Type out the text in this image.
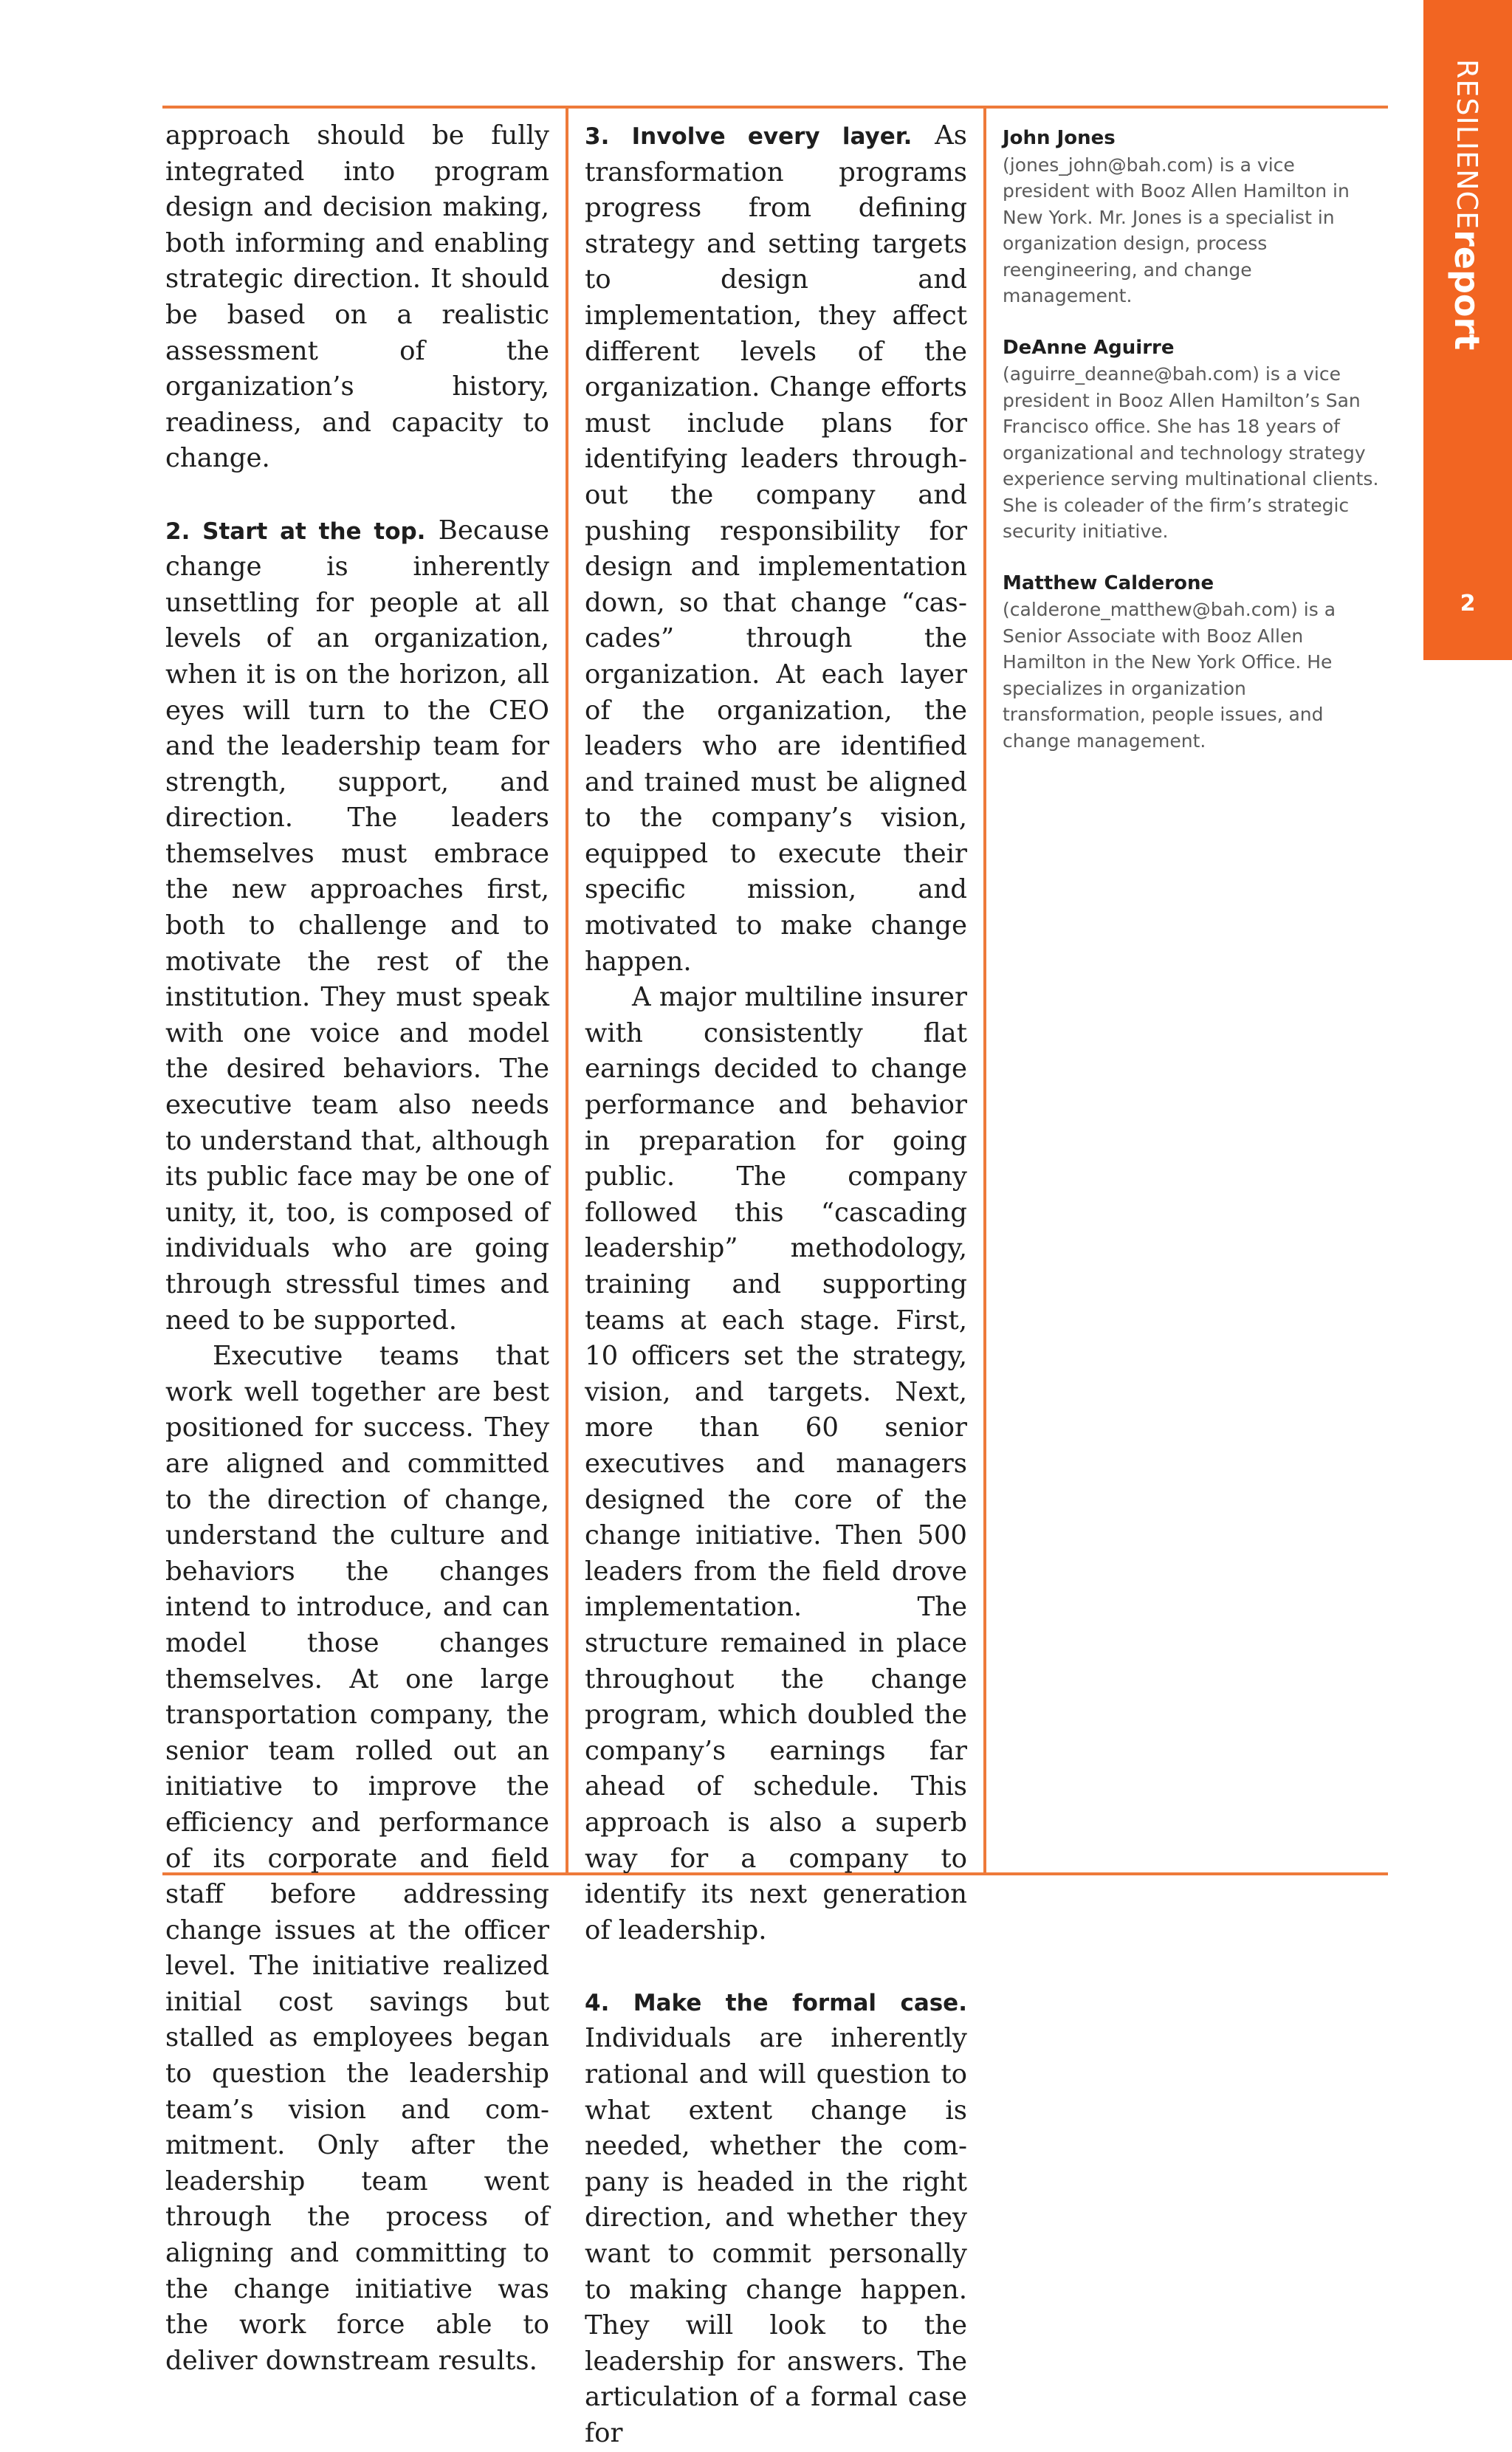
approach should be fully integrated into program design and decision making, both informing and enabling strategic direction. It should be based on a realistic assessment of the organization’s history, readiness, and capacity to change.

2. Start at the top. Because change is inherently unsettling for people at all levels of an organization, when it is on the horizon, all eyes will turn to the CEO and the leadership team for strength, support, and direction. The leaders themselves must embrace the new approaches first, both to challenge and to motivate the rest of the institution. They must speak with one voice and model the desired behaviors. The executive team also needs to understand that, although its public face may be one of unity, it, too, is composed of individuals who are going through stressful times and need to be supported.

Executive teams that work well together are best positioned for success. They are aligned and committed to the direction of change, understand the culture and behaviors the changes intend to introduce, and can model those changes themselves. At one large transportation company, the senior team rolled out an initiative to improve the efficiency and performance of its corporate and field staff before addressing change issues at the officer level. The initiative realized initial cost savings but stalled as employees began to question the leadership team’s vision and commitment. Only after the leadership team went through the process of aligning and committing to the change initiative was the work force able to deliver downstream results.

3. Involve every layer. As transformation programs progress from defining strategy and setting targets to design and implementation, they affect different levels of the organization. Change efforts must include plans for identifying leaders throughout the company and pushing responsibility for design and implementation down, so that change “cascades” through the organization. At each layer of the organization, the leaders who are identified and trained must be aligned to the company’s vision, equipped to execute their specific mission, and motivated to make change happen.

A major multiline insurer with consistently flat earnings decided to change performance and behavior in preparation for going public. The company followed this “cascading leadership” methodology, training and supporting teams at each stage. First, 10 officers set the strategy, vision, and targets. Next, more than 60 senior executives and managers designed the core of the change initiative. Then 500 leaders from the field drove implementation. The structure remained in place throughout the change program, which doubled the company’s earnings far ahead of schedule. This approach is also a superb way for a company to identify its next generation of leadership.

4. Make the formal case. Individuals are inherently rational and will question to what extent change is needed, whether the company is headed in the right direction, and whether they want to commit personally to making change happen. They will look to the leadership for answers. The articulation of a formal case for

John Jones
(jones_john@bah.com) is a vice president with Booz Allen Hamilton in New York. Mr. Jones is a specialist in organization design, process reengineering, and change management.
DeAnne Aguirre
(aguirre_deanne@bah.com) is a vice president in Booz Allen Hamilton’s San Francisco office. She has 18 years of organizational and technology strategy experience serving multinational clients. She is coleader of the firm’s strategic security initiative.
Matthew Calderone
(calderone_matthew@bah.com) is a Senior Associate with Booz Allen Hamilton in the New York Office. He specializes in organization transformation, people issues, and change management.
RESILIENCEreport
2
